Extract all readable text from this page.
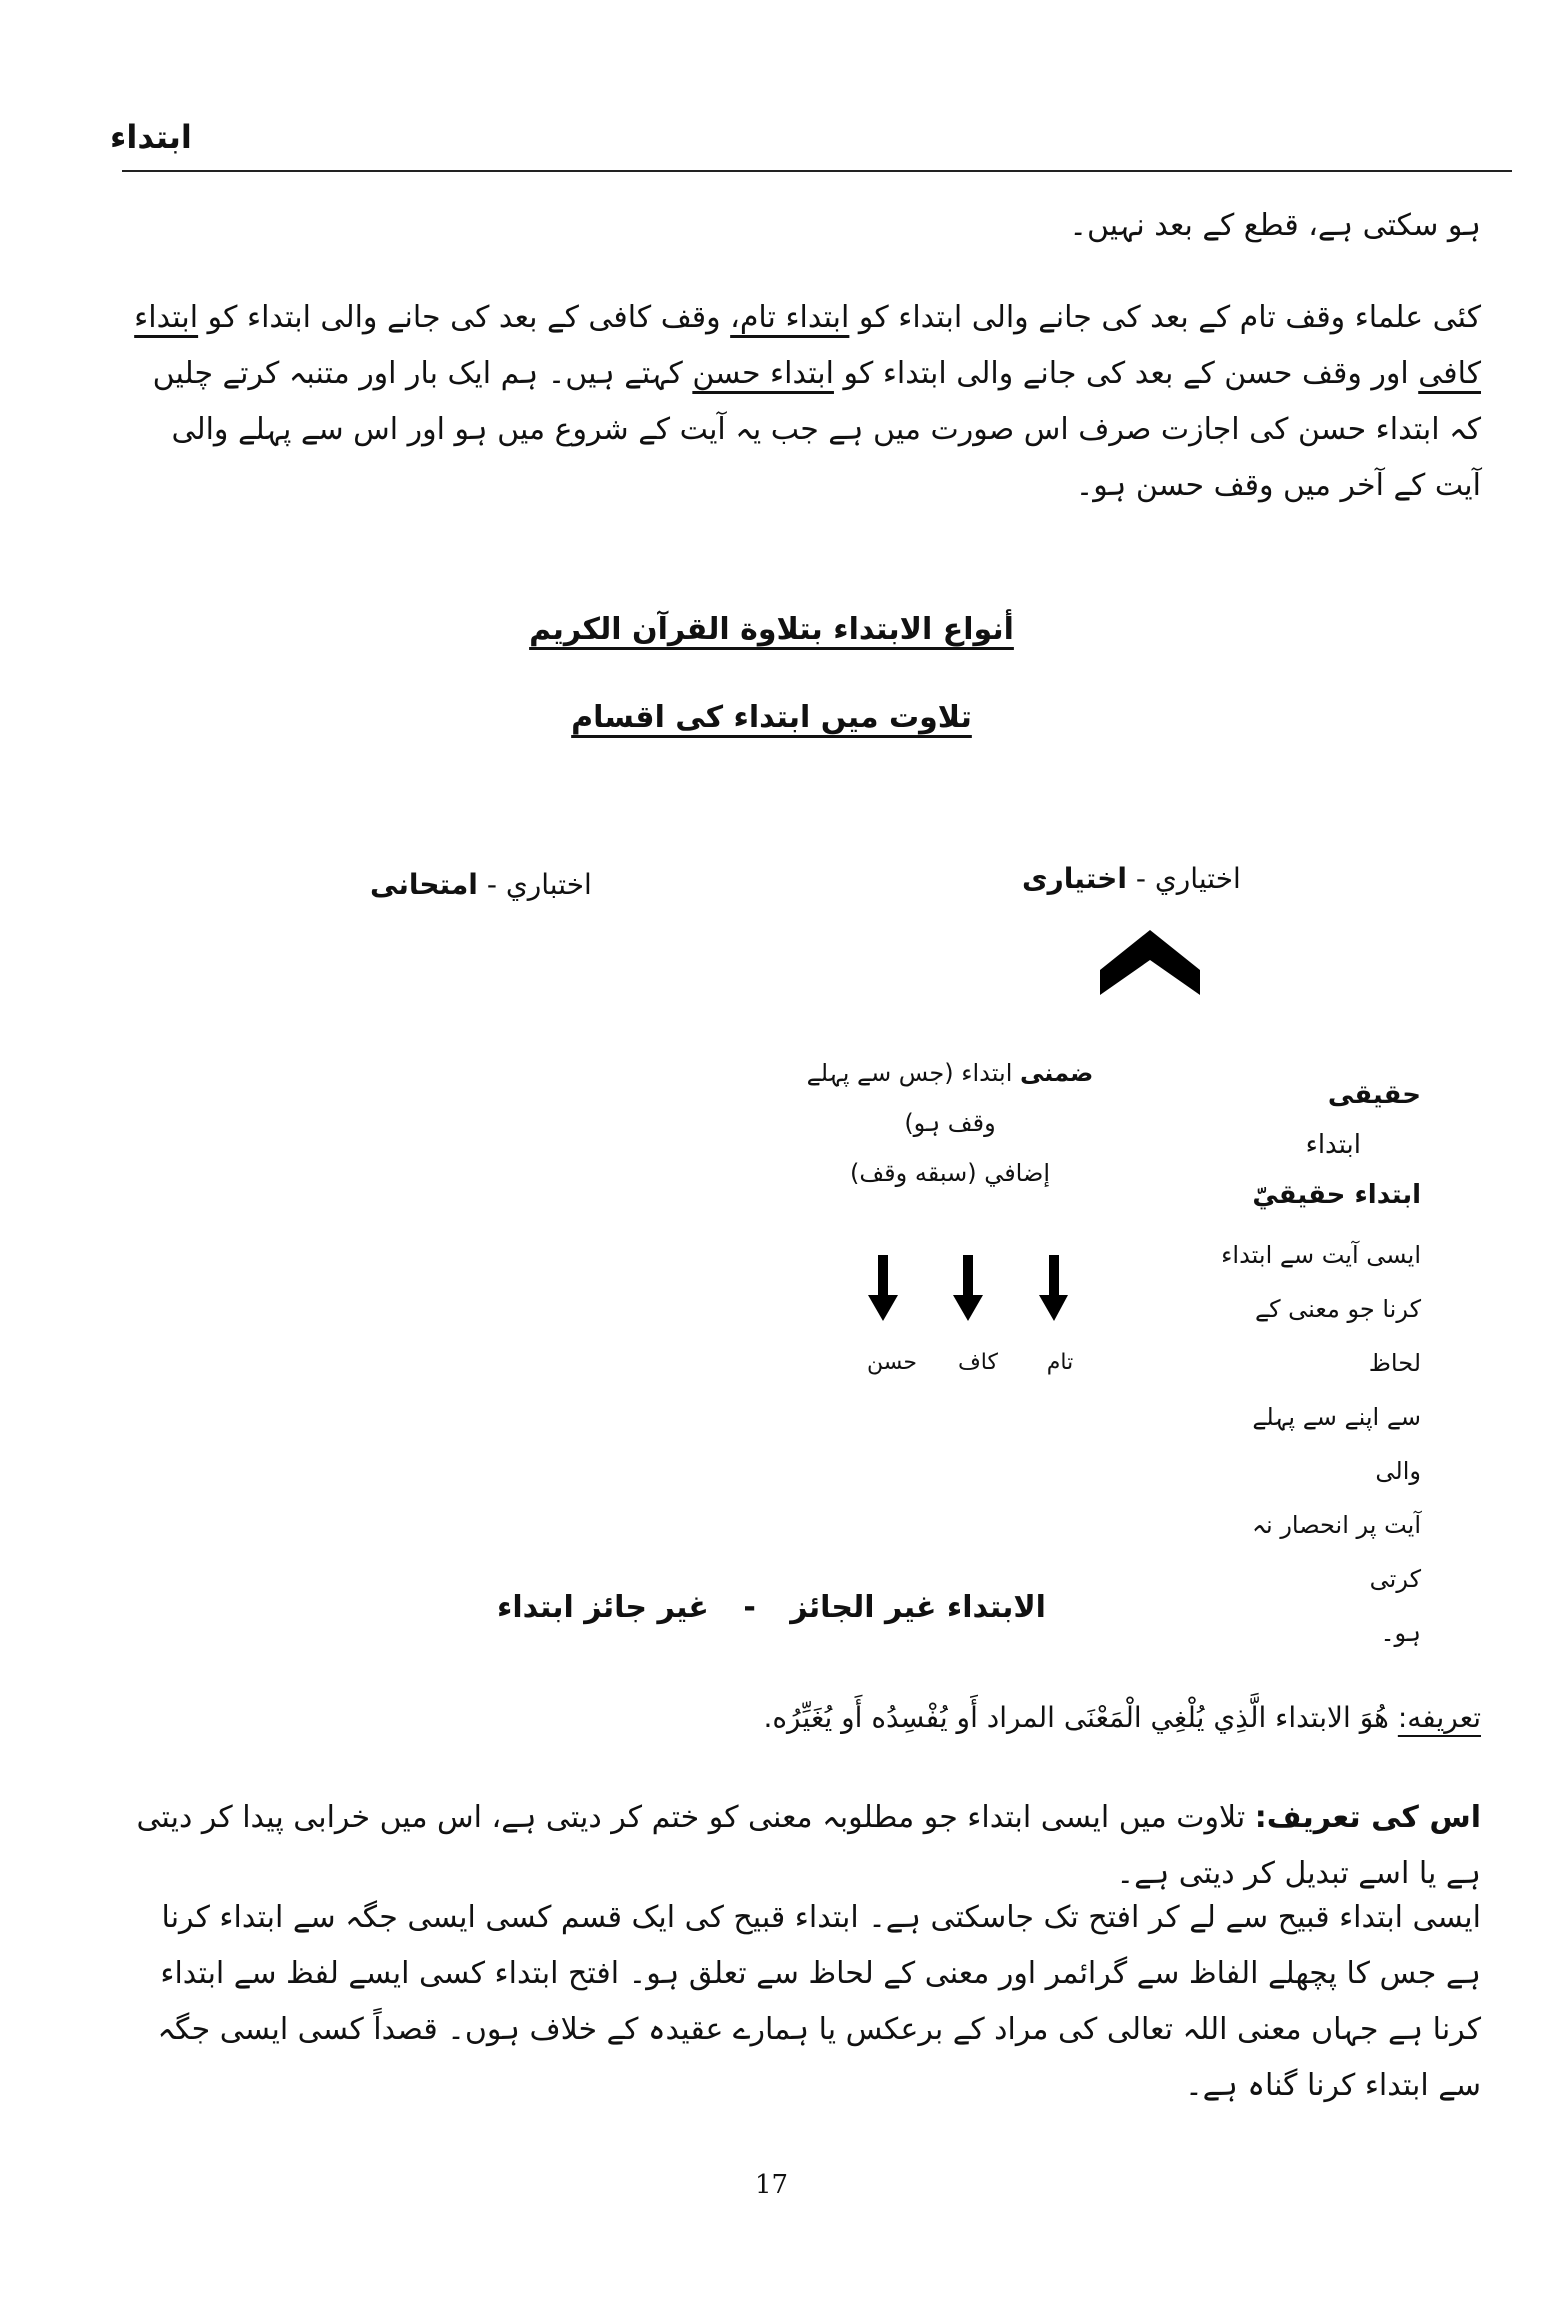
ابتداء
ہو سکتی ہے، قطع کے بعد نہیں۔
کئی علماء وقف تام کے بعد کی جانے والی ابتداء کو ابتداء تام، وقف کافی کے بعد کی جانے والی ابتداء کو ابتداء کافی اور وقف حسن کے بعد کی جانے والی ابتداء کو ابتداء حسن کہتے ہیں۔ ہم ایک بار اور متنبہ کرتے چلیں کہ ابتداء حسن کی اجازت صرف اس صورت میں ہے جب یہ آیت کے شروع میں ہو اور اس سے پہلے والی آیت کے آخر میں وقف حسن ہو۔
أنواع الابتداء بتلاوة القرآن الكريم
تلاوت میں ابتداء کی اقسام
اختباري - امتحانی	اختياري - اختیاری
حقیقی ابتداء
ابتداء حقيقيّ
ایسی آیت سے ابتداء
کرنا جو معنی کے لحاظ
سے اپنے سے پہلے والی
آیت پر انحصار نہ کرتی
ہو۔
ضمنی ابتداء (جس سے پہلے
وقف ہو)
إضافي (سبقه وقف)
تام
كاف
حسن
الابتداء غير الجائز - غیر جائز ابتداء
تعريفه: هُوَ الابتداء الَّذِي يُلْغِي الْمَعْنَى المراد أَو يُفْسِدُه أَو يُغَيِّرُه.
اس کی تعریف: تلاوت میں ایسی ابتداء جو مطلوبہ معنی کو ختم کر دیتی ہے، اس میں خرابی پیدا کر دیتی ہے یا اسے تبدیل کر دیتی ہے۔
ایسی ابتداء قبیح سے لے کر افتح تک جاسکتی ہے۔ ابتداء قبیح کی ایک قسم کسی ایسی جگہ سے ابتداء کرنا ہے جس کا پچھلے الفاظ سے گرائمر اور معنی کے لحاظ سے تعلق ہو۔ افتح ابتداء کسی ایسے لفظ سے ابتداء کرنا ہے جہاں معنی اللہ تعالی کی مراد کے برعکس یا ہمارے عقیدہ کے خلاف ہوں۔ قصداً کسی ایسی جگہ سے ابتداء کرنا گناہ ہے۔
17
